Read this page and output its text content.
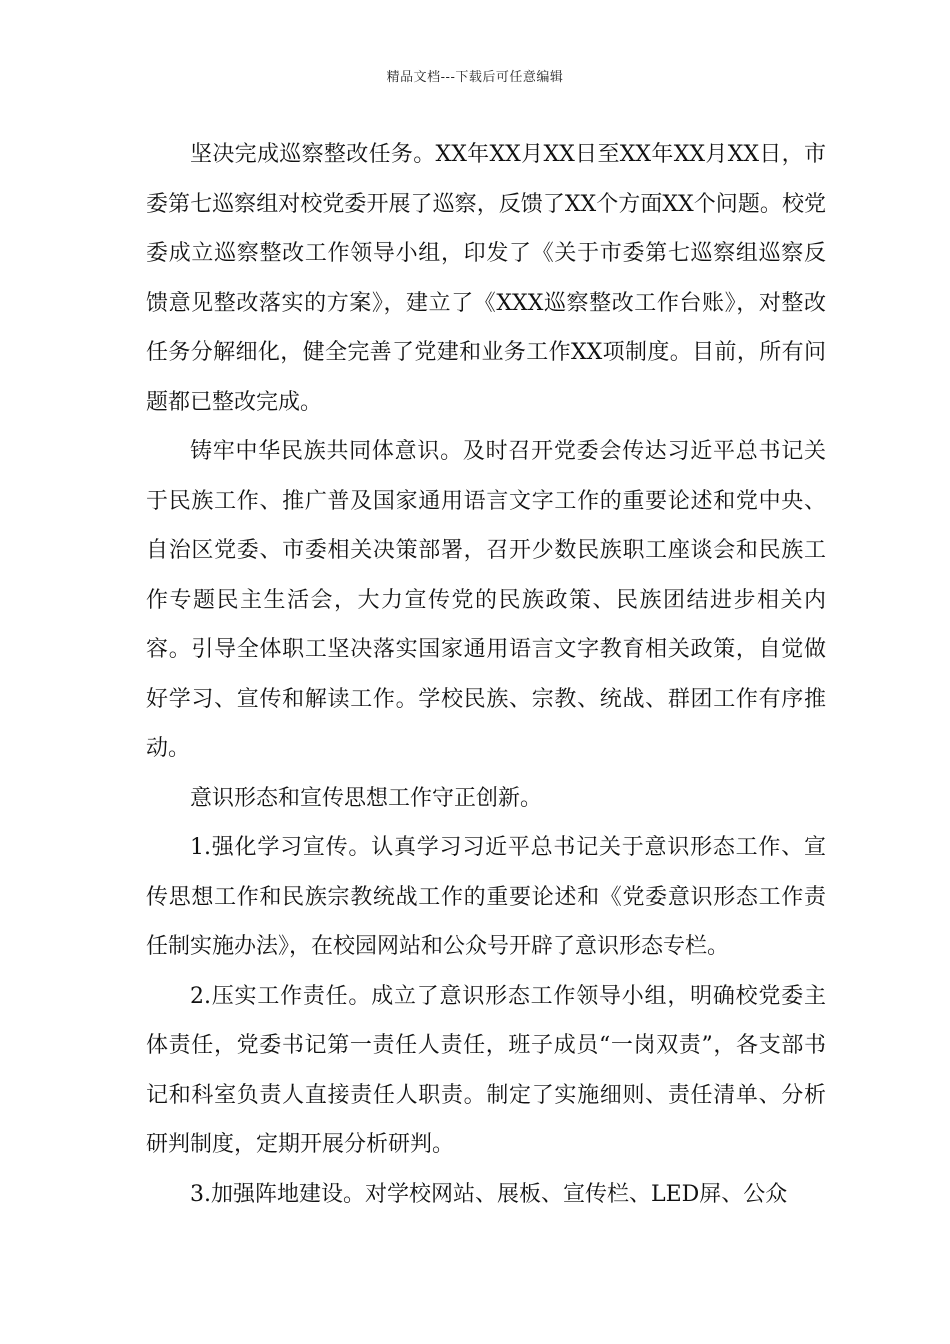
精品文档---下载后可任意编辑

坚决完成巡察整改任务。XX年XX月XX日至XX年XX月XX日，市委第七巡察组对校党委开展了巡察，反馈了XX个方面XX个问题。校党委成立巡察整改工作领导小组，印发了《关于市委第七巡察组巡察反馈意见整改落实的方案》，建立了《XXX巡察整改工作台账》，对整改任务分解细化，健全完善了党建和业务工作XX项制度。目前，所有问题都已整改完成。

铸牢中华民族共同体意识。及时召开党委会传达习近平总书记关于民族工作、推广普及国家通用语言文字工作的重要论述和党中央、自治区党委、市委相关决策部署，召开少数民族职工座谈会和民族工作专题民主生活会，大力宣传党的民族政策、民族团结进步相关内容。引导全体职工坚决落实国家通用语言文字教育相关政策，自觉做好学习、宣传和解读工作。学校民族、宗教、统战、群团工作有序推动。

意识形态和宣传思想工作守正创新。

1.强化学习宣传。认真学习习近平总书记关于意识形态工作、宣传思想工作和民族宗教统战工作的重要论述和《党委意识形态工作责任制实施办法》，在校园网站和公众号开辟了意识形态专栏。

2.压实工作责任。成立了意识形态工作领导小组，明确校党委主体责任，党委书记第一责任人责任，班子成员“一岗双责”，各支部书记和科室负责人直接责任人职责。制定了实施细则、责任清单、分析研判制度，定期开展分析研判。

3.加强阵地建设。对学校网站、展板、宣传栏、LED屏、公众
